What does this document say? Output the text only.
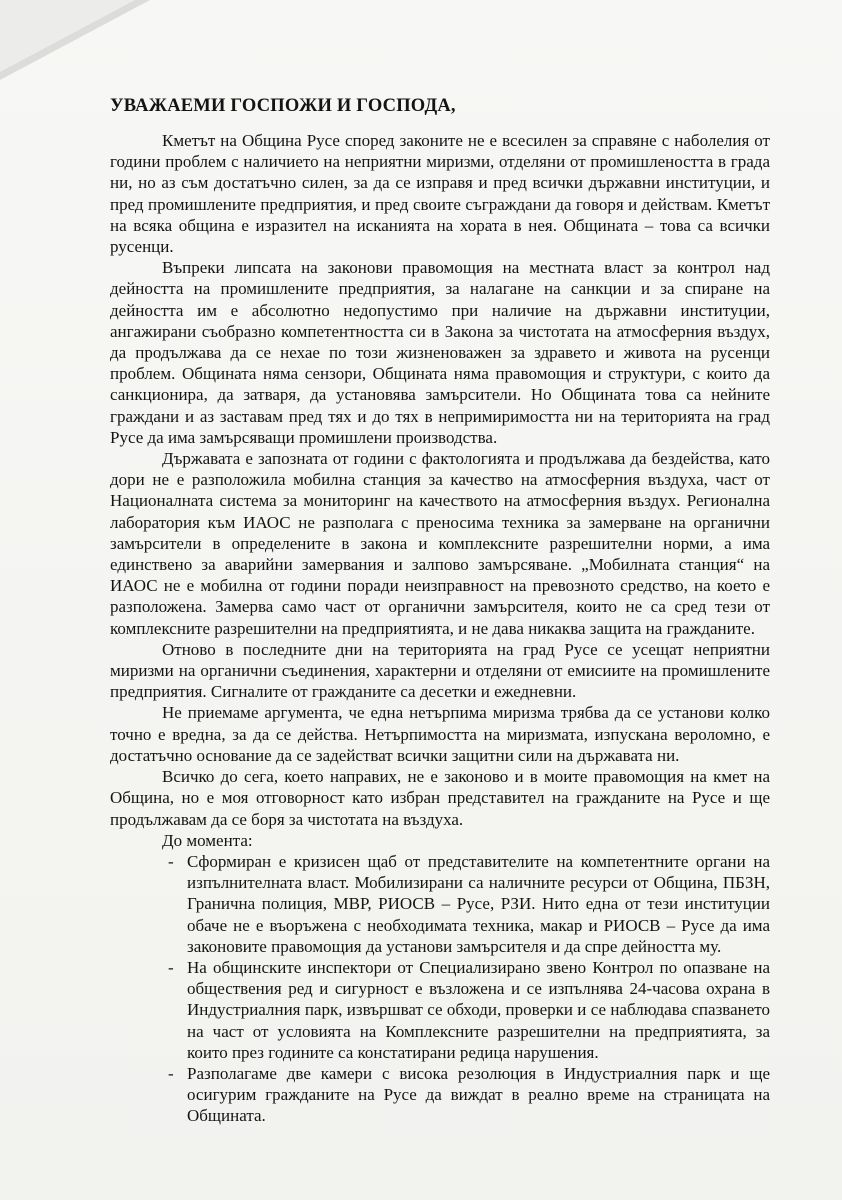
УВАЖАЕМИ ГОСПОЖИ И ГОСПОДА,

Кметът на Община Русе според законите не е всесилен за справяне с наболелия от години проблем с наличието на неприятни миризми, отделяни от промишлеността в града ни, но аз съм достатъчно силен, за да се изправя и пред всички държавни институции, и пред промишлените предприятия, и пред своите съграждани да говоря и действам. Кметът на всяка община е изразител на исканията на хората в нея. Общината – това са всички русенци.

Въпреки липсата на законови правомощия на местната власт за контрол над дейността на промишлените предприятия, за налагане на санкции и за спиране на дейността им е абсолютно недопустимо при наличие на държавни институции, ангажирани съобразно компетентността си в Закона за чистотата на атмосферния въздух, да продължава да се нехае по този жизненоважен за здравето и живота на русенци проблем. Общината няма сензори, Общината няма правомощия и структури, с които да санкционира, да затваря, да установява замърсители. Но Общината това са нейните граждани и аз заставам пред тях и до тях в непримиримостта ни на територията на град Русе да има замърсяващи промишлени производства.

Държавата е запозната от години с фактологията и продължава да бездейства, като дори не е разположила мобилна станция за качество на атмосферния въздуха, част от Националната система за мониторинг на качеството на атмосферния въздух. Регионална лаборатория към ИАОС не разполага с преносима техника за замерване на органични замърсители в определените в закона и комплексните разрешителни норми, а има единствено за аварийни замервания и залпово замърсяване. „Мобилната станция“ на ИАОС не е мобилна от години поради неизправност на превозното средство, на което е разположена. Замерва само част от органични замърсителя, които не са сред тези от комплексните разрешителни на предприятията, и не дава никаква защита на гражданите.

Отново в последните дни на територията на град Русе се усещат неприятни миризми на органични съединения, характерни и отделяни от емисиите на промишлените предприятия. Сигналите от гражданите са десетки и ежедневни.

Не приемаме аргумента, че една нетърпима миризма трябва да се установи колко точно е вредна, за да се действа. Нетърпимостта на миризмата, изпускана вероломно, е достатъчно основание да се задействат всички защитни сили на държавата ни.

Всичко до сега, което направих, не е законово и в моите правомощия на кмет на Община, но е моя отговорност като избран представител на гражданите на Русе и ще продължавам да се боря за чистотата на въздуха.

До момента:

- Сформиран е кризисен щаб от представителите на компетентните органи на изпълнителната власт. Мобилизирани са наличните ресурси от Община, ПБЗН, Гранична полиция, МВР, РИОСВ – Русе, РЗИ. Нито една от тези институции обаче не е въоръжена с необходимата техника, макар и РИОСВ – Русе да има законовите правомощия да установи замърсителя и да спре дейността му.
- На общинските инспектори от Специализирано звено Контрол по опазване на обществения ред и сигурност е възложена и се изпълнява 24-часова охрана в Индустриалния парк, извършват се обходи, проверки и се наблюдава спазването на част от условията на Комплексните разрешителни на предприятията, за които през годините са констатирани редица нарушения.
- Разполагаме две камери с висока резолюция в Индустриалния парк и ще осигурим гражданите на Русе да виждат в реално време на страницата на Общината.
